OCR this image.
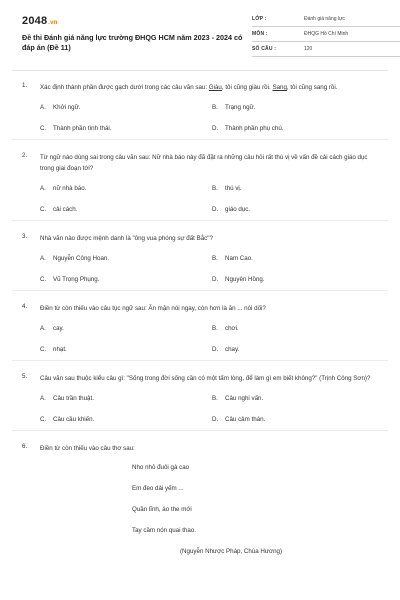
2048.vn
Đề thi Đánh giá năng lực trường ĐHQG HCM năm 2023 - 2024 có đáp án (Đề 11)
LỚP :	Đánh giá năng lực
MÔN :	ĐHQG Hồ Chí Minh
SỐ CÂU :	120
1. Xác định thành phần được gạch dưới trong các câu văn sau: Giàu, tôi cũng giàu rồi. Sang, tôi cũng sang rồi.
A. Khởi ngữ.	B. Trạng ngữ.
C. Thành phần tình thái.	D. Thành phần phụ chú.
2. Từ ngữ nào dùng sai trong câu văn sau: Nữ nhà báo này đã đặt ra những câu hỏi rất thú vị về vấn đề cải cách giáo dục trong giai đoạn tới?
A. nữ nhà báo.	B. thú vị.
C. cải cách.	D. giáo dục.
3. Nhà văn nào được mệnh danh là "ông vua phóng sự đất Bắc"?
A. Nguyễn Công Hoan.	B. Nam Cao.
C. Vũ Trọng Phụng.	D. Nguyên Hồng.
4. Điền từ còn thiếu vào câu tục ngữ sau: Ăn mặn nói ngay, còn hơn là ăn ... nói dối?
A. cay.	B. chơi.
C. nhạt.	D. chay.
5. Câu văn sau thuộc kiểu câu gì: "Sống trong đời sống cần có một tấm lòng, để làm gì em biết không?" (Trịnh Công Sơn)?
A. Câu trần thuật.	B. Câu nghi vấn.
C. Câu cầu khiến.	D. Câu cảm thán.
6. Điền từ còn thiếu vào câu thơ sau:
Nho nhỏ đuôi gà cao
Em đeo dải yếm ...
Quần lĩnh, áo the mới
Tay cầm nón quai thao.
(Nguyễn Nhược Pháp, Chùa Hương)
